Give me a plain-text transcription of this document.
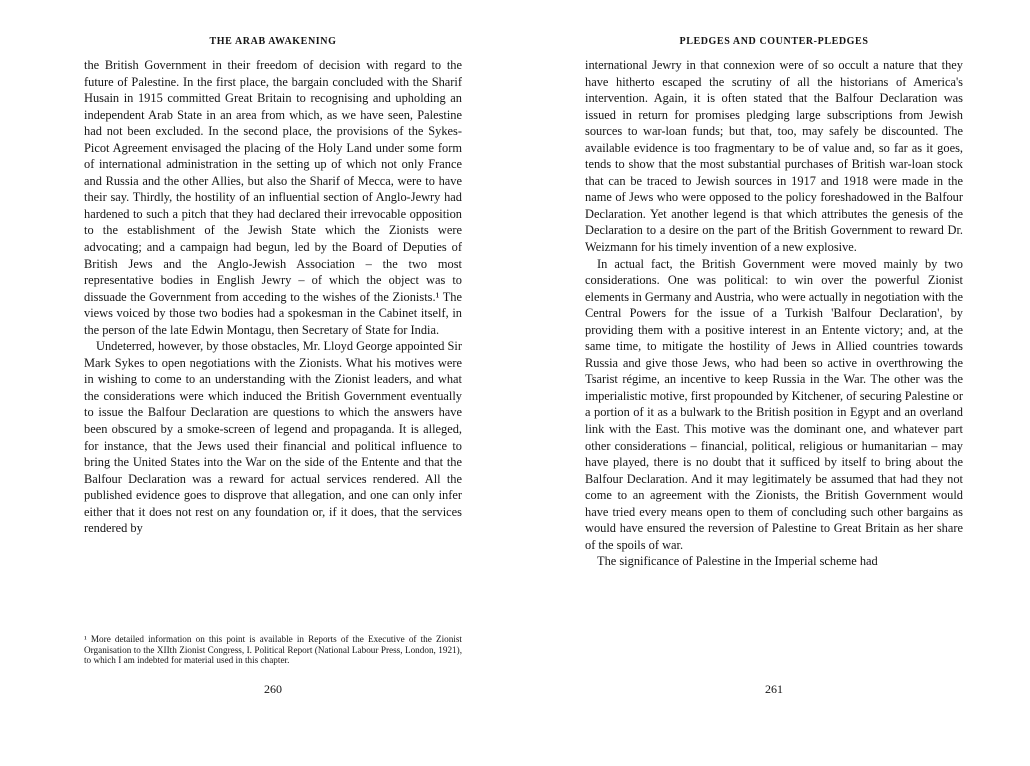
THE ARAB AWAKENING

the British Government in their freedom of decision with regard to the future of Palestine. In the first place, the bargain concluded with the Sharif Husain in 1915 committed Great Britain to recognising and upholding an independent Arab State in an area from which, as we have seen, Palestine had not been excluded. In the second place, the provisions of the Sykes-Picot Agreement envisaged the placing of the Holy Land under some form of international administration in the setting up of which not only France and Russia and the other Allies, but also the Sharif of Mecca, were to have their say. Thirdly, the hostility of an influential section of Anglo-Jewry had hardened to such a pitch that they had declared their irrevocable opposition to the establishment of the Jewish State which the Zionists were advocating; and a campaign had begun, led by the Board of Deputies of British Jews and the Anglo-Jewish Association – the two most representative bodies in English Jewry – of which the object was to dissuade the Government from acceding to the wishes of the Zionists.¹ The views voiced by those two bodies had a spokesman in the Cabinet itself, in the person of the late Edwin Montagu, then Secretary of State for India.

Undeterred, however, by those obstacles, Mr. Lloyd George appointed Sir Mark Sykes to open negotiations with the Zionists. What his motives were in wishing to come to an understanding with the Zionist leaders, and what the considerations were which induced the British Government eventually to issue the Balfour Declaration are questions to which the answers have been obscured by a smoke-screen of legend and propaganda. It is alleged, for instance, that the Jews used their financial and political influence to bring the United States into the War on the side of the Entente and that the Balfour Declaration was a reward for actual services rendered. All the published evidence goes to disprove that allegation, and one can only infer either that it does not rest on any foundation or, if it does, that the services rendered by

¹ More detailed information on this point is available in Reports of the Executive of the Zionist Organisation to the XIIth Zionist Congress, I. Political Report (National Labour Press, London, 1921), to which I am indebted for material used in this chapter.
260
PLEDGES AND COUNTER-PLEDGES

international Jewry in that connexion were of so occult a nature that they have hitherto escaped the scrutiny of all the historians of America's intervention. Again, it is often stated that the Balfour Declaration was issued in return for promises pledging large subscriptions from Jewish sources to war-loan funds; but that, too, may safely be discounted. The available evidence is too fragmentary to be of value and, so far as it goes, tends to show that the most substantial purchases of British war-loan stock that can be traced to Jewish sources in 1917 and 1918 were made in the name of Jews who were opposed to the policy foreshadowed in the Balfour Declaration. Yet another legend is that which attributes the genesis of the Declaration to a desire on the part of the British Government to reward Dr. Weizmann for his timely invention of a new explosive.

In actual fact, the British Government were moved mainly by two considerations. One was political: to win over the powerful Zionist elements in Germany and Austria, who were actually in negotiation with the Central Powers for the issue of a Turkish 'Balfour Declaration', by providing them with a positive interest in an Entente victory; and, at the same time, to mitigate the hostility of Jews in Allied countries towards Russia and give those Jews, who had been so active in overthrowing the Tsarist régime, an incentive to keep Russia in the War. The other was the imperialistic motive, first propounded by Kitchener, of securing Palestine or a portion of it as a bulwark to the British position in Egypt and an overland link with the East. This motive was the dominant one, and whatever part other considerations – financial, political, religious or humanitarian – may have played, there is no doubt that it sufficed by itself to bring about the Balfour Declaration. And it may legitimately be assumed that had they not come to an agreement with the Zionists, the British Government would have tried every means open to them of concluding such other bargains as would have ensured the reversion of Palestine to Great Britain as her share of the spoils of war.

The significance of Palestine in the Imperial scheme had

261
